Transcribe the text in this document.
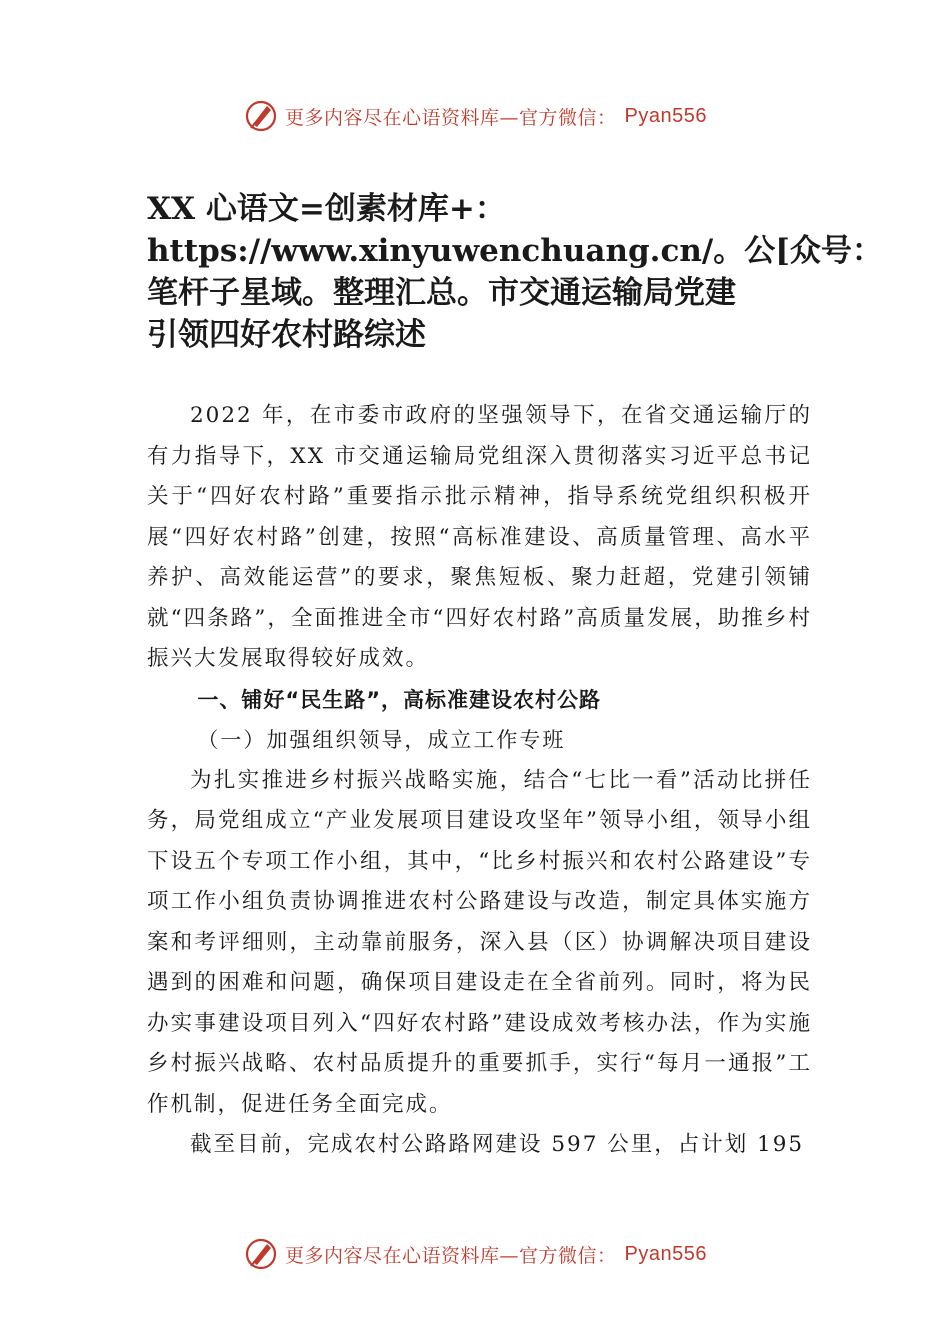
更多内容尽在心语资料库—官方微信： Pyan556
XX 心语文=创素材库+：
https://www.xinyuwenchuang.cn/。公[众号：
笔杆子星域。整理汇总。市交通运输局党建
引领四好农村路综述

2022 年，在市委市政府的坚强领导下，在省交通运输厅的有力指导下，XX 市交通运输局党组深入贯彻落实习近平总书记关于“四好农村路”重要指示批示精神，指导系统党组织积极开展“四好农村路”创建，按照“高标准建设、高质量管理、高水平养护、高效能运营”的要求，聚焦短板、聚力赶超，党建引领铺就“四条路”，全面推进全市“四好农村路”高质量发展，助推乡村振兴大发展取得较好成效。

一、铺好“民生路”，高标准建设农村公路

（一）加强组织领导，成立工作专班

为扎实推进乡村振兴战略实施，结合“七比一看”活动比拼任务，局党组成立“产业发展项目建设攻坚年”领导小组，领导小组下设五个专项工作小组，其中，“比乡村振兴和农村公路建设”专项工作小组负责协调推进农村公路建设与改造，制定具体实施方案和考评细则，主动靠前服务，深入县（区）协调解决项目建设遇到的困难和问题，确保项目建设走在全省前列。同时，将为民办实事建设项目列入“四好农村路”建设成效考核办法，作为实施乡村振兴战略、农村品质提升的重要抓手，实行“每月一通报”工作机制，促进任务全面完成。

截至目前，完成农村公路路网建设 597 公里，占计划 195

更多内容尽在心语资料库—官方微信： Pyan556
